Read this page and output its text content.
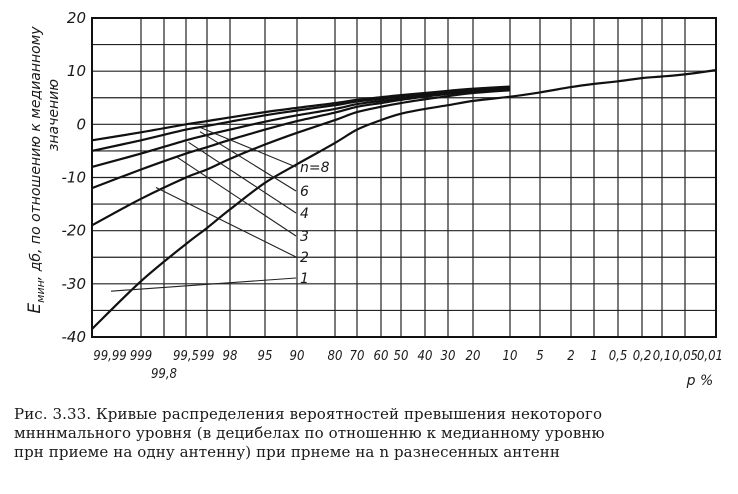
20
10
0
-10
-20
-30
-40
99,99 999 99,5 99 98 95 90 80 70 60 50 40 30 20 10 5 2 1 0,5 0,2 0,1 0,05
0,01
n=8
6
4
3
2
1
99,8	p %
$E_{мин}$, дб, по отношению к медианному значению
Рис. 3.33. Кривые распределения вероятностей превышения некоторого
мнннмального уровня (в децибелах по отношенню к медианному уровню
прн приеме на одну антенну) при прнеме на n разнесенных антенн
